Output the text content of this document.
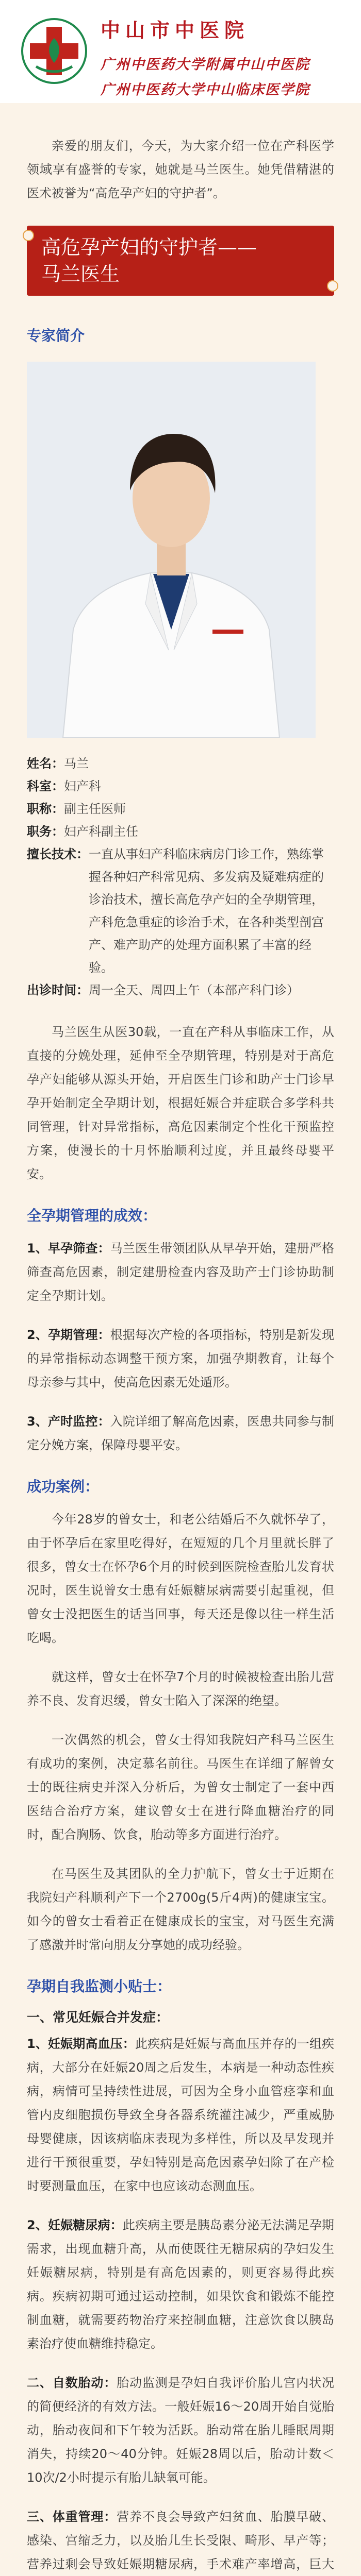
中山市中医院
广州中医药大学附属中山中医院
广州中医药大学中山临床医学院

亲爱的朋友们，今天，为大家介绍一位在产科医学领域享有盛誉的专家，她就是马兰医生。她凭借精湛的医术被誉为“高危孕产妇的守护者”。

高危孕产妇的守护者——
马兰医生
专家简介
姓名： 马兰
科室： 妇产科
职称： 副主任医师
职务： 妇产科副主任
擅长技术： 一直从事妇产科临床病房门诊工作，熟练掌握各种妇产科常见病、多发病及疑难病症的诊治技术，擅长高危孕产妇的全孕期管理，产科危急重症的诊治手术，在各种类型剖宫产、难产助产的处理方面积累了丰富的经验。
出诊时间： 周一全天、周四上午（本部产科门诊）

马兰医生从医30载，一直在产科从事临床工作，从直接的分娩处理，延伸至全孕期管理，特别是对于高危孕产妇能够从源头开始，开启医生门诊和助产士门诊早孕开始制定全孕期计划，根据妊娠合并症联合多学科共同管理，针对异常指标，高危因素制定个性化干预监控方案，使漫长的十月怀胎顺利过度，并且最终母婴平安。

全孕期管理的成效：
1、早孕筛查：马兰医生带领团队从早孕开始，建册严格筛查高危因素，制定建册检查内容及助产士门诊协助制定全孕期计划。
2、孕期管理：根据每次产检的各项指标，特别是新发现的异常指标动态调整干预方案，加强孕期教育，让每个母亲参与其中，使高危因素无处遁形。
3、产时监控：入院详细了解高危因素，医患共同参与制定分娩方案，保障母婴平安。
成功案例：

今年28岁的曾女士，和老公结婚后不久就怀孕了，由于怀孕后在家里吃得好，在短短的几个月里就长胖了很多，曾女士在怀孕6个月的时候到医院检查胎儿发育状况时，医生说曾女士患有妊娠糖尿病需要引起重视，但曾女士没把医生的话当回事，每天还是像以往一样生活吃喝。

就这样，曾女士在怀孕7个月的时候被检查出胎儿营养不良、发育迟缓，曾女士陷入了深深的绝望。

一次偶然的机会，曾女士得知我院妇产科马兰医生有成功的案例，决定慕名前往。马医生在详细了解曾女士的既往病史并深入分析后，为曾女士制定了一套中西医结合治疗方案，建议曾女士在进行降血糖治疗的同时，配合胸肠、饮食，胎动等多方面进行治疗。

在马医生及其团队的全力护航下，曾女士于近期在我院妇产科顺利产下一个2700g(5斤4两)的健康宝宝。如今的曾女士看着正在健康成长的宝宝，对马医生充满了感激并时常向朋友分享她的成功经验。

孕期自我监测小贴士：
一、常见妊娠合并发症：
1、妊娠期高血压：此疾病是妊娠与高血压并存的一组疾病，大部分在妊娠20周之后发生，本病是一种动态性疾病，病情可呈持续性进展，可因为全身小血管痉挛和血管内皮细胞损伤导致全身各器系统灌注减少，严重威胁母婴健康，因该病临床表现为多样性，所以及早发现并进行干预很重要，孕妇特别是高危因素孕妇除了在产检时要测量血压，在家中也应该动态测血压。
2、妊娠糖尿病：此疾病主要是胰岛素分泌无法满足孕期需求，出现血糖升高，从而使既往无糖尿病的孕妇发生妊娠糖尿病，特别是有高危因素的，则更容易得此疾病。疾病初期可通过运动控制，如果饮食和锻炼不能控制血糖，就需要药物治疗来控制血糖，注意饮食以胰岛素治疗使血糖维持稳定。
二、自数胎动：胎动监测是孕妇自我评价胎儿宫内状况的简便经济的有效方法。一般妊娠16～20周开始自觉胎动，胎动夜间和下午较为活跃。胎动常在胎儿睡眠周期消失，持续20～40分钟。妊娠28周以后，胎动计数＜10次/2小时提示有胎儿缺氧可能。
三、体重管理：营养不良会导致产妇贫血、胎膜早破、感染、宫缩乏力，以及胎儿生长受限、畸形、早产等；营养过剩会导致妊娠期糖尿病，手术难产率增高，巨大
